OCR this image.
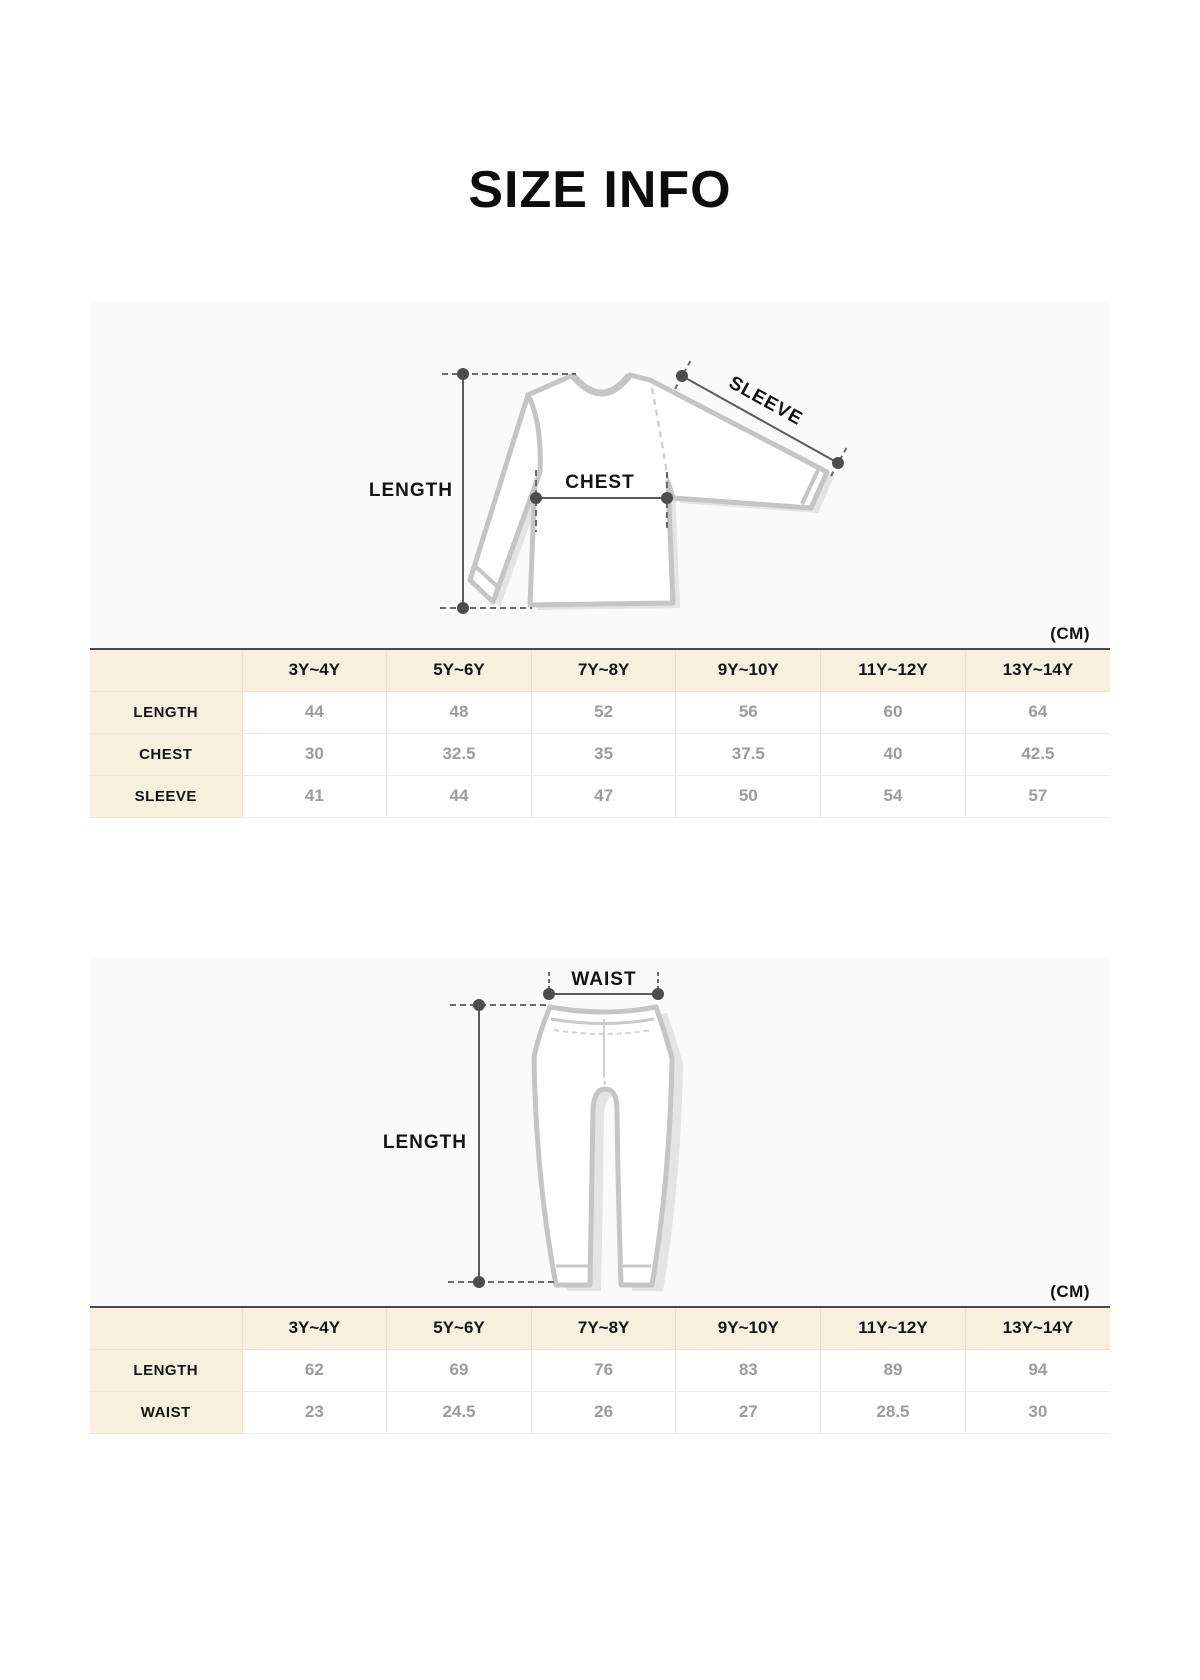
SIZE INFO
LENGTH	CHEST
SLEEVE
(CM)
	3Y~4Y	5Y~6Y	7Y~8Y	9Y~10Y	11Y~12Y	13Y~14Y
LENGTH	44	48	52	56	60	64
CHEST	30	32.5	35	37.5	40	42.5
SLEEVE	41	44	47	50	54	57
WAIST
LENGTH
(CM)
	3Y~4Y	5Y~6Y	7Y~8Y	9Y~10Y	11Y~12Y	13Y~14Y
LENGTH	62	69	76	83	89	94
WAIST	23	24.5	26	27	28.5	30
